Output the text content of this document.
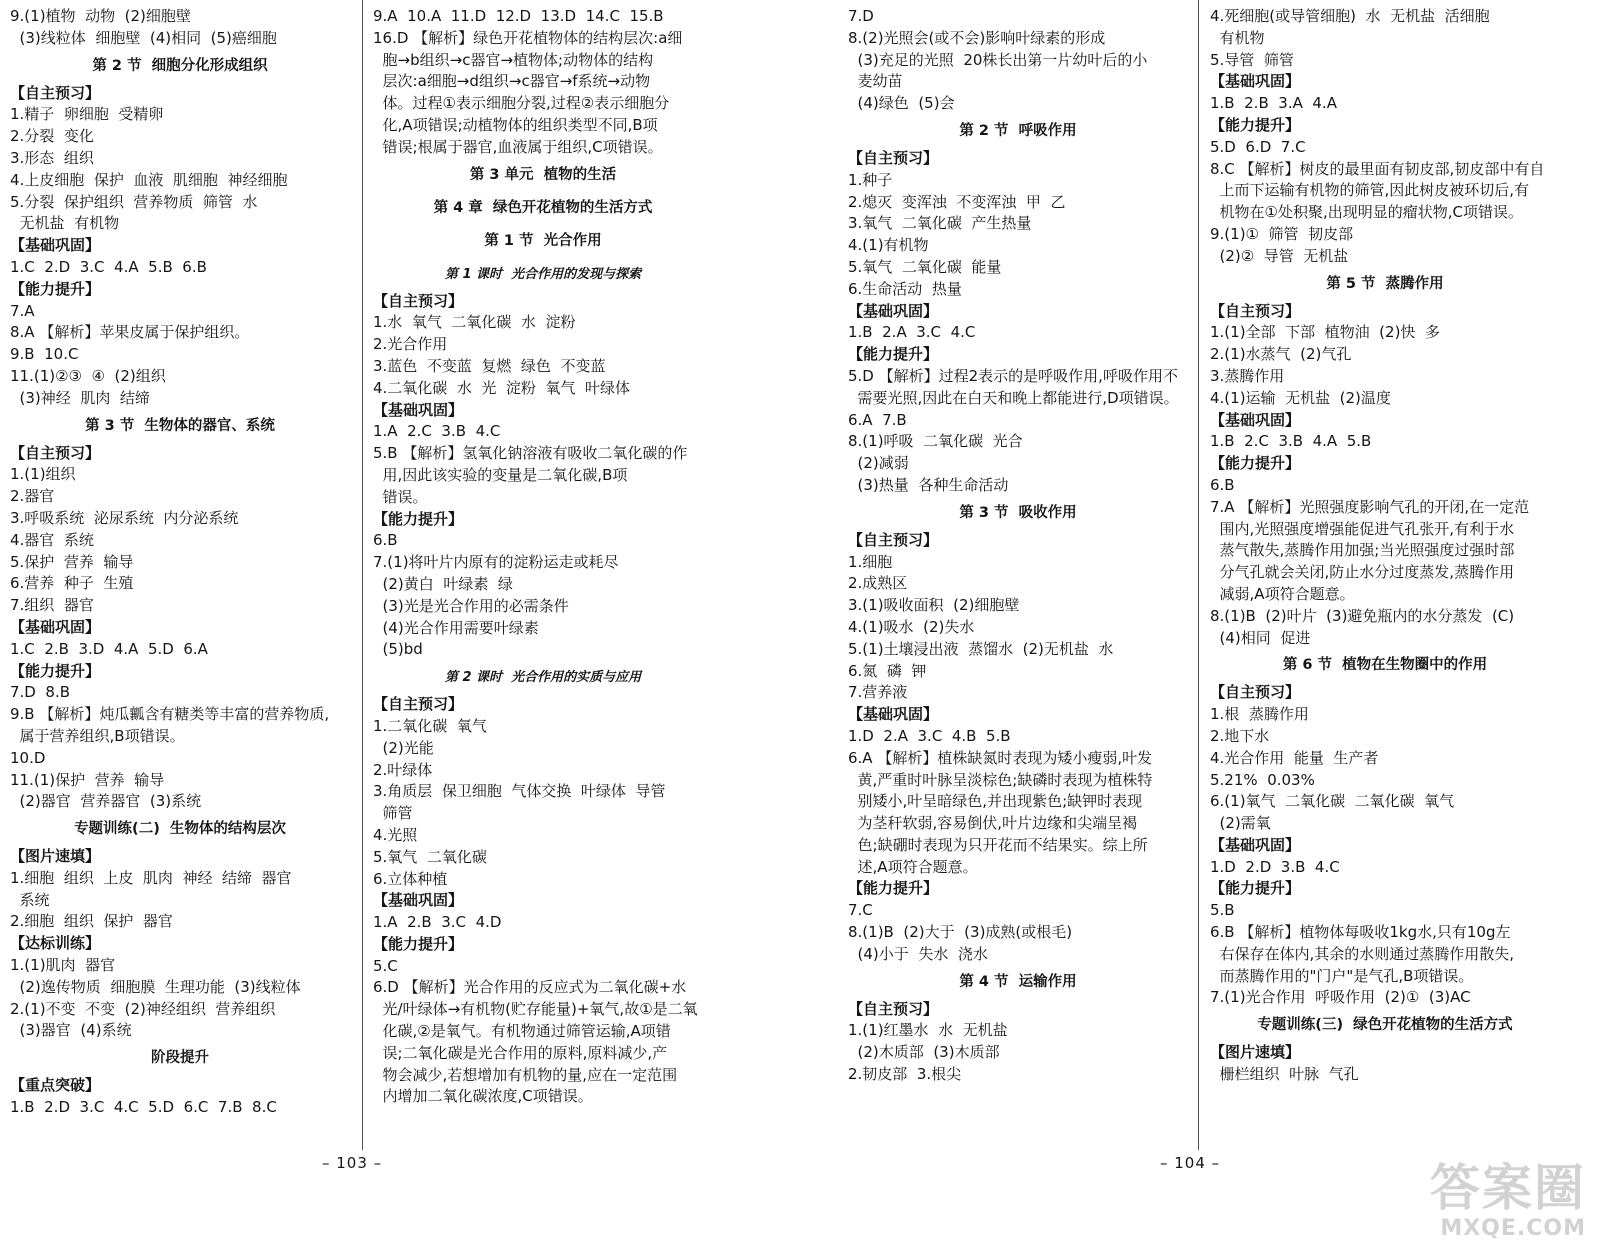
9.(1)植物  动物  (2)细胞壁
(3)线粒体  细胞壁  (4)相同  (5)癌细胞
第 2 节  细胞分化形成组织
【自主预习】
1.精子  卵细胞  受精卵
2.分裂  变化
3.形态  组织
4.上皮细胞  保护  血液  肌细胞  神经细胞
5.分裂  保护组织  营养物质  筛管  水
无机盐  有机物
【基础巩固】
1.C  2.D  3.C  4.A  5.B  6.B
【能力提升】
7.A
8.A 【解析】苹果皮属于保护组织。
9.B  10.C
11.(1)②③  ④  (2)组织
(3)神经  肌肉  结缔
第 3 节  生物体的器官、系统
【自主预习】
1.(1)组织
2.器官
3.呼吸系统  泌尿系统  内分泌系统
4.器官  系统
5.保护  营养  输导
6.营养  种子  生殖
7.组织  器官
【基础巩固】
1.C  2.B  3.D  4.A  5.D  6.A
【能力提升】
7.D  8.B
9.B 【解析】炖瓜瓤含有糖类等丰富的营养物质,
属于营养组织,B项错误。
10.D
11.(1)保护  营养  输导
(2)器官  营养器官  (3)系统
专题训练(二)  生物体的结构层次
【图片速填】
1.细胞  组织  上皮  肌肉  神经  结缔  器官
系统
2.细胞  组织  保护  器官
【达标训练】
1.(1)肌肉  器官
(2)逸传物质  细胞膜  生理功能  (3)线粒体
2.(1)不变  不变  (2)神经组织  营养组织
(3)器官  (4)系统
阶段提升
【重点突破】
1.B  2.D  3.C  4.C  5.D  6.C  7.B  8.C
9.A  10.A  11.D  12.D  13.D  14.C  15.B
16.D 【解析】绿色开花植物体的结构层次:a细
胞→b组织→c器官→植物体;动物体的结构
层次:a细胞→d组织→c器官→f系统→动物
体。过程①表示细胞分裂,过程②表示细胞分
化,A项错误;动植物体的组织类型不同,B项
错误;根属于器官,血液属于组织,C项错误。
第 3 单元  植物的生活
第 4 章  绿色开花植物的生活方式
第 1 节  光合作用
第 1 课时  光合作用的发现与探索
【自主预习】
1.水  氧气  二氧化碳  水  淀粉
2.光合作用
3.蓝色  不变蓝  复燃  绿色  不变蓝
4.二氧化碳  水  光  淀粉  氧气  叶绿体
【基础巩固】
1.A  2.C  3.B  4.C
5.B 【解析】氢氧化钠溶液有吸收二氧化碳的作
用,因此该实验的变量是二氧化碳,B项
错误。
【能力提升】
6.B
7.(1)将叶片内原有的淀粉运走或耗尽
(2)黄白  叶绿素  绿
(3)光是光合作用的必需条件
(4)光合作用需要叶绿素
(5)bd
第 2 课时  光合作用的实质与应用
【自主预习】
1.二氧化碳  氧气
(2)光能
2.叶绿体
3.角质层  保卫细胞  气体交换  叶绿体  导管
筛管
4.光照
5.氧气  二氧化碳
6.立体种植
【基础巩固】
1.A  2.B  3.C  4.D
【能力提升】
5.C
6.D 【解析】光合作用的反应式为二氧化碳+水
光/叶绿体→有机物(贮存能量)+氧气,故①是二氧
化碳,②是氧气。有机物通过筛管运输,A项错
误;二氧化碳是光合作用的原料,原料减少,产
物会减少,若想增加有机物的量,应在一定范围
内增加二氧化碳浓度,C项错误。
7.D
8.(2)光照会(或不会)影响叶绿素的形成
(3)充足的光照  20株长出第一片幼叶后的小
麦幼苗
(4)绿色  (5)会
第 2 节  呼吸作用
【自主预习】
1.种子
2.熄灭  变浑浊  不变浑浊  甲  乙
3.氧气  二氧化碳  产生热量
4.(1)有机物
5.氧气  二氧化碳  能量
6.生命活动  热量
【基础巩固】
1.B  2.A  3.C  4.C
【能力提升】
5.D 【解析】过程2表示的是呼吸作用,呼吸作用不
需要光照,因此在白天和晚上都能进行,D项错误。
6.A  7.B
8.(1)呼吸  二氧化碳  光合
(2)减弱
(3)热量  各种生命活动
第 3 节  吸收作用
【自主预习】
1.细胞
2.成熟区
3.(1)吸收面积  (2)细胞壁
4.(1)吸水  (2)失水
5.(1)土壤浸出液  蒸馏水  (2)无机盐  水
6.氮  磷  钾
7.营养液
【基础巩固】
1.D  2.A  3.C  4.B  5.B
6.A 【解析】植株缺氮时表现为矮小瘦弱,叶发
黄,严重时叶脉呈淡棕色;缺磷时表现为植株特
别矮小,叶呈暗绿色,并出现紫色;缺钾时表现
为茎秆软弱,容易倒伏,叶片边缘和尖端呈褐
色;缺硼时表现为只开花而不结果实。综上所
述,A项符合题意。
【能力提升】
7.C
8.(1)B  (2)大于  (3)成熟(或根毛)
(4)小于  失水  浇水
第 4 节  运输作用
【自主预习】
1.(1)红墨水  水  无机盐
(2)木质部  (3)木质部
2.韧皮部  3.根尖
4.死细胞(或导管细胞)  水  无机盐  活细胞
有机物
5.导管  筛管
【基础巩固】
1.B  2.B  3.A  4.A
【能力提升】
5.D  6.D  7.C
8.C 【解析】树皮的最里面有韧皮部,韧皮部中有自
上而下运输有机物的筛管,因此树皮被环切后,有
机物在①处积聚,出现明显的瘤状物,C项错误。
9.(1)①  筛管  韧皮部
(2)②  导管  无机盐
第 5 节  蒸腾作用
【自主预习】
1.(1)全部  下部  植物油  (2)快  多
2.(1)水蒸气  (2)气孔
3.蒸腾作用
4.(1)运输  无机盐  (2)温度
【基础巩固】
1.B  2.C  3.B  4.A  5.B
【能力提升】
6.B
7.A 【解析】光照强度影响气孔的开闭,在一定范
围内,光照强度增强能促进气孔张开,有利于水
蒸气散失,蒸腾作用加强;当光照强度过强时部
分气孔就会关闭,防止水分过度蒸发,蒸腾作用
减弱,A项符合题意。
8.(1)B  (2)叶片  (3)避免瓶内的水分蒸发  (C)
(4)相同  促进
第 6 节  植物在生物圈中的作用
【自主预习】
1.根  蒸腾作用
2.地下水
4.光合作用  能量  生产者
5.21%  0.03%
6.(1)氧气  二氧化碳  二氧化碳  氧气
(2)需氧
【基础巩固】
1.D  2.D  3.B  4.C
【能力提升】
5.B
6.B 【解析】植物体每吸收1kg水,只有10g左
右保存在体内,其余的水则通过蒸腾作用散失,
而蒸腾作用的"门户"是气孔,B项错误。
7.(1)光合作用  呼吸作用  (2)①  (3)AC
专题训练(三)  绿色开花植物的生活方式
【图片速填】
栅栏组织  叶脉  气孔
– 103 –	– 104 –	答案圈
MXQE.COM
